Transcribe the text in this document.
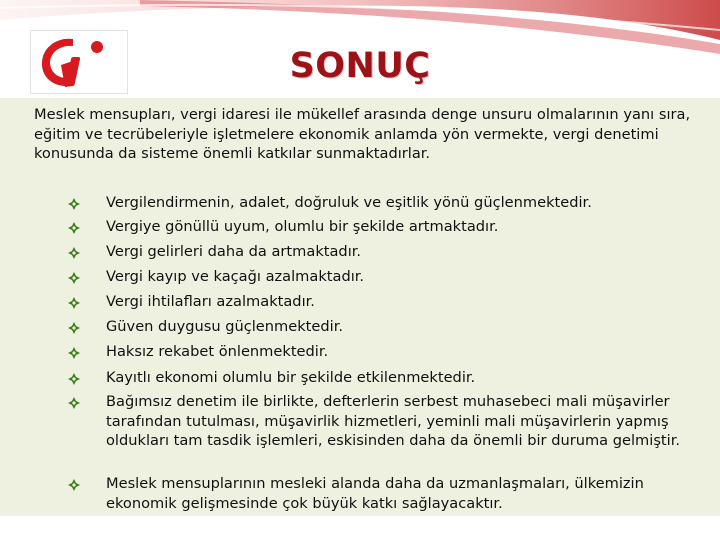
SONUÇ
Meslek mensupları, vergi idaresi ile mükellef arasında denge unsuru olmalarının yanı sıra, eğitim ve tecrübeleriyle işletmelere ekonomik anlamda yön vermekte, vergi denetimi konusunda da sisteme önemli katkılar sunmaktadırlar.
Vergilendirmenin, adalet, doğruluk ve eşitlik yönü güçlenmektedir.
Vergiye gönüllü uyum, olumlu bir şekilde artmaktadır.
Vergi gelirleri daha da artmaktadır.
Vergi kayıp ve kaçağı azalmaktadır.
Vergi ihtilafları azalmaktadır.
Güven duygusu güçlenmektedir.
Haksız rekabet önlenmektedir.
Kayıtlı ekonomi olumlu bir şekilde etkilenmektedir.
Bağımsız denetim ile birlikte, defterlerin serbest muhasebeci mali müşavirler tarafından tutulması, müşavirlik hizmetleri, yeminli mali müşavirlerin yapmış oldukları tam tasdik işlemleri, eskisinden daha da önemli bir duruma gelmiştir.
Meslek mensuplarının mesleki alanda daha da uzmanlaşmaları, ülkemizin ekonomik gelişmesinde çok büyük katkı sağlayacaktır.
